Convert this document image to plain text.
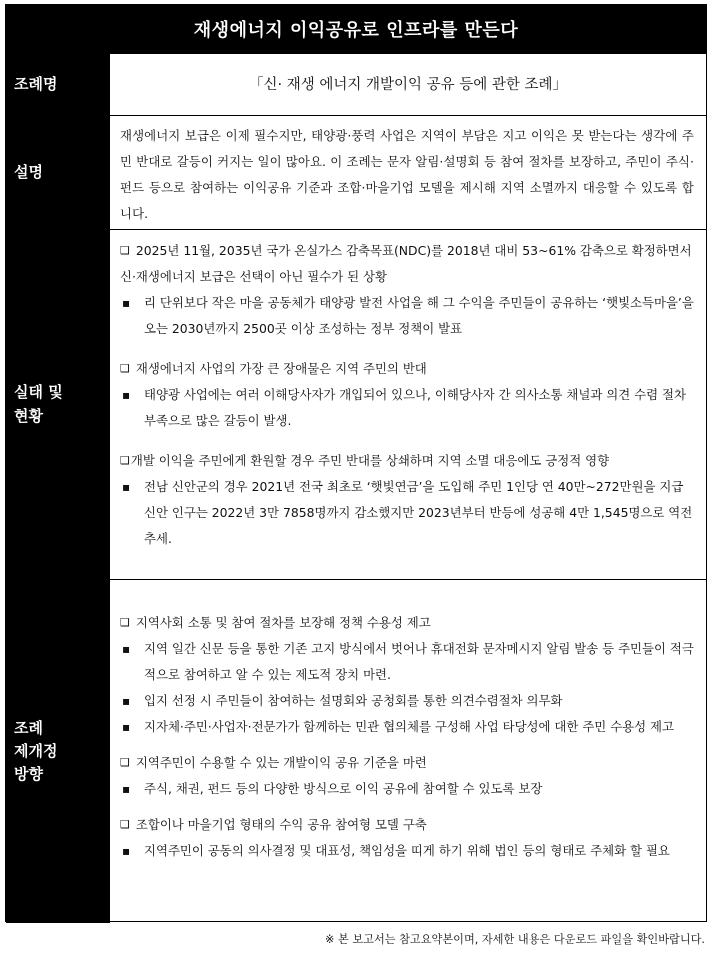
재생에너지 이익공유로 인프라를 만든다
조례명	「신· 재생 에너지 개발이익 공유 등에 관한 조례」
설명
재생에너지 보급은 이제 필수지만, 태양광·풍력 사업은 지역이 부담은 지고 이익은 못 받는다는 생각에 주민 반대로 갈등이 커지는 일이 많아요. 이 조례는 문자 알림·설명회 등 참여 절차를 보장하고, 주민이 주식·펀드 등으로 참여하는 이익공유 기준과 조합·마을기업 모델을 제시해 지역 소멸까지 대응할 수 있도록 합니다.
실태 및
현황

❑ 2025년 11월, 2035년 국가 온실가스 감축목표(NDC)를 2018년 대비 53~61% 감축으로 확정하면서 신·재생에너지 보급은 선택이 아닌 필수가 된 상황

▪ 리 단위보다 작은 마을 공동체가 태양광 발전 사업을 해 그 수익을 주민들이 공유하는 ‘햇빛소득마을’을 오는 2030년까지 2500곳 이상 조성하는 정부 정책이 발표

❑ 재생에너지 사업의 가장 큰 장애물은 지역 주민의 반대

▪ 태양광 사업에는 여러 이해당사자가 개입되어 있으나, 이해당사자 간 의사소통 채널과 의견 수렴 절차 부족으로 많은 갈등이 발생.

❑개발 이익을 주민에게 환원할 경우 주민 반대를 상쇄하며 지역 소멸 대응에도 긍정적 영향

▪ 전남 신안군의 경우 2021년 전국 최초로 ‘햇빛연금’을 도입해 주민 1인당 연 40만~272만원을 지급 신안 인구는 2022년 3만 7858명까지 감소했지만 2023년부터 반등에 성공해 4만 1,545명으로 역전 추세.

조례
제개정
방향

❑ 지역사회 소통 및 참여 절차를 보장해 정책 수용성 제고

▪ 지역 일간 신문 등을 통한 기존 고지 방식에서 벗어나 휴대전화 문자메시지 알림 발송 등 주민들이 적극적으로 참여하고 알 수 있는 제도적 장치 마련.

▪ 입지 선정 시 주민들이 참여하는 설명회와 공청회를 통한 의견수렴절차 의무화

▪ 지자체·주민·사업자·전문가가 함께하는 민관 협의체를 구성해 사업 타당성에 대한 주민 수용성 제고

❑ 지역주민이 수용할 수 있는 개발이익 공유 기준을 마련

▪ 주식, 채권, 펀드 등의 다양한 방식으로 이익 공유에 참여할 수 있도록 보장

❑ 조합이나 마을기업 형태의 수익 공유 참여형 모델 구축

▪ 지역주민이 공동의 의사결정 및 대표성, 책임성을 띠게 하기 위해 법인 등의 형태로 주체화 할 필요

※ 본 보고서는 참고요약본이며, 자세한 내용은 다운로드 파일을 확인바랍니다.
